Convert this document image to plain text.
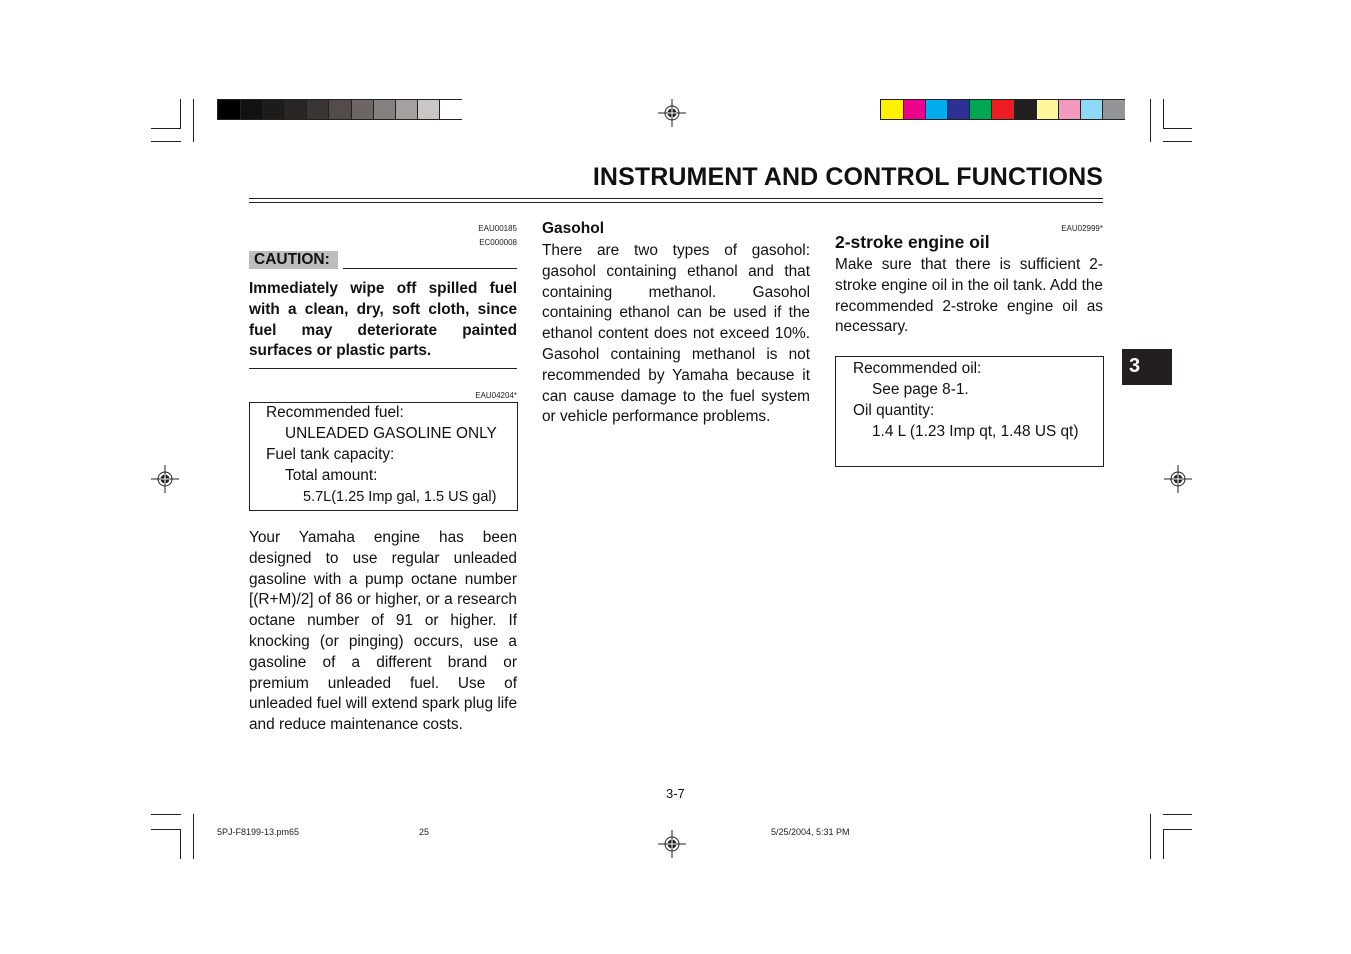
INSTRUMENT AND CONTROL FUNCTIONS
3
EAU00185
EC000008
CAUTION:
Immediately wipe off spilled fuel with a clean, dry, soft cloth, since fuel may deteriorate painted surfaces or plastic parts.
EAU04204*
Recommended fuel:
UNLEADED GASOLINE ONLY
Fuel tank capacity:
Total amount:
5.7L(1.25 Imp gal, 1.5 US gal)
Your Yamaha engine has been designed to use regular unleaded gasoline with a pump octane number [(R+M)/2] of 86 or higher, or a research octane number of 91 or higher. If knocking (or pinging) occurs, use a gasoline of a different brand or premium unleaded fuel. Use of unleaded fuel will extend spark plug life and reduce maintenance costs.
Gasohol
There are two types of gasohol: gasohol containing ethanol and that containing methanol. Gasohol containing ethanol can be used if the ethanol content does not exceed 10%. Gasohol containing methanol is not recommended by Yamaha because it can cause damage to the fuel system or vehicle performance problems.
EAU02999*
2-stroke engine oil
Make sure that there is sufficient 2-stroke engine oil in the oil tank. Add the recommended 2-stroke engine oil as necessary.
Recommended oil:
See page 8-1.
Oil quantity:
1.4 L (1.23 Imp qt, 1.48 US qt)
3-7
5PJ-F8199-13.pm65	25	5/25/2004, 5:31 PM
